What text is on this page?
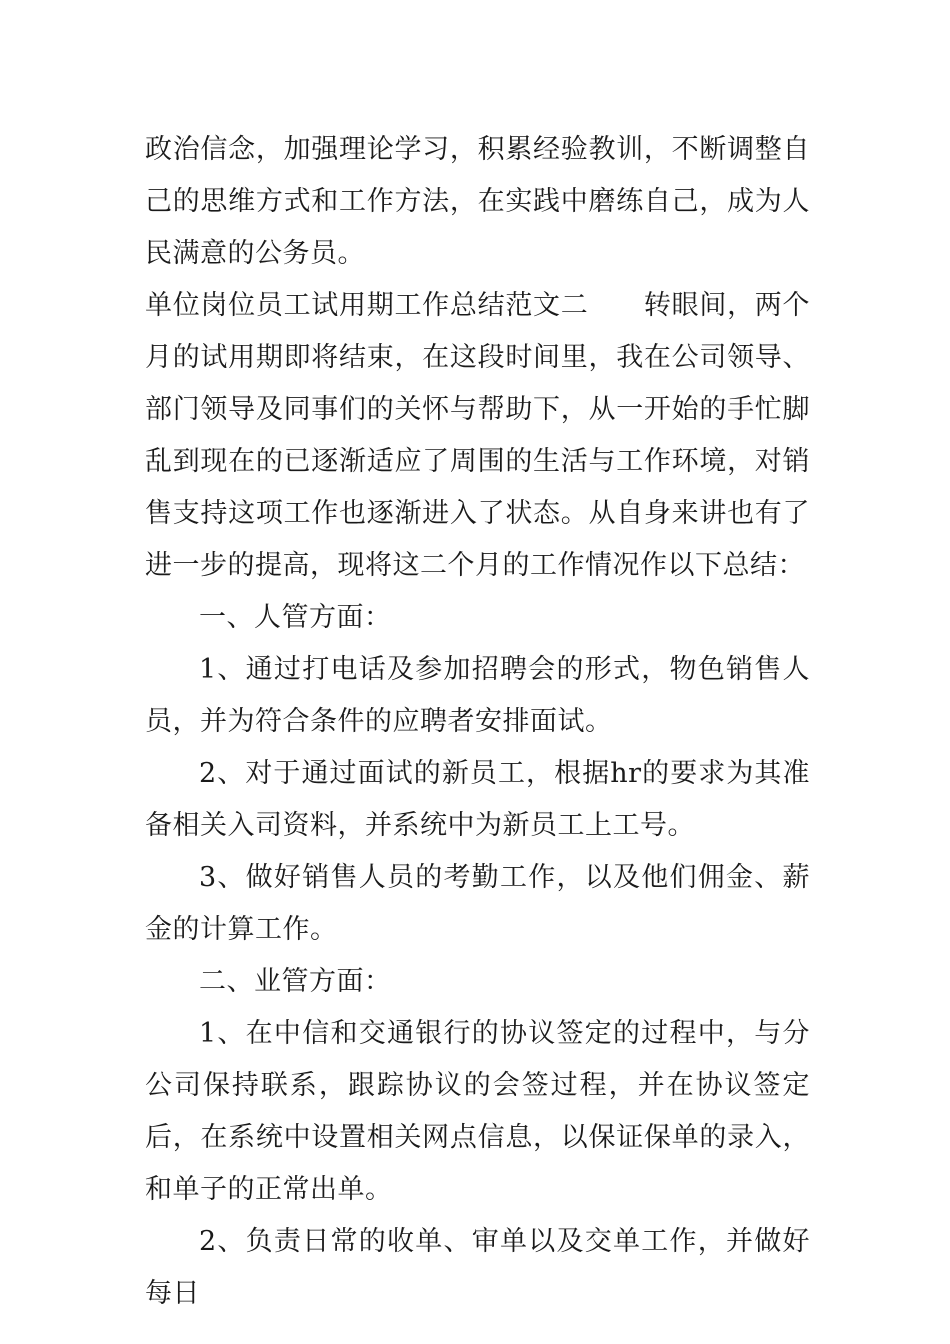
政治信念，加强理论学习，积累经验教训，不断调整自己的思维方式和工作方法，在实践中磨练自己，成为人民满意的公务员。

单位岗位员工试用期工作总结范文二　　转眼间，两个月的试用期即将结束，在这段时间里，我在公司领导、部门领导及同事们的关怀与帮助下，从一开始的手忙脚乱到现在的已逐渐适应了周围的生活与工作环境，对销售支持这项工作也逐渐进入了状态。从自身来讲也有了进一步的提高，现将这二个月的工作情况作以下总结：

一、人管方面：

1、通过打电话及参加招聘会的形式，物色销售人员，并为符合条件的应聘者安排面试。

2、对于通过面试的新员工，根据hr的要求为其准备相关入司资料，并系统中为新员工上工号。

3、做好销售人员的考勤工作，以及他们佣金、薪金的计算工作。

二、业管方面：

1、在中信和交通银行的协议签定的过程中，与分公司保持联系，跟踪协议的会签过程，并在协议签定后，在系统中设置相关网点信息，以保证保单的录入，和单子的正常出单。

2、负责日常的收单、审单以及交单工作，并做好每日
